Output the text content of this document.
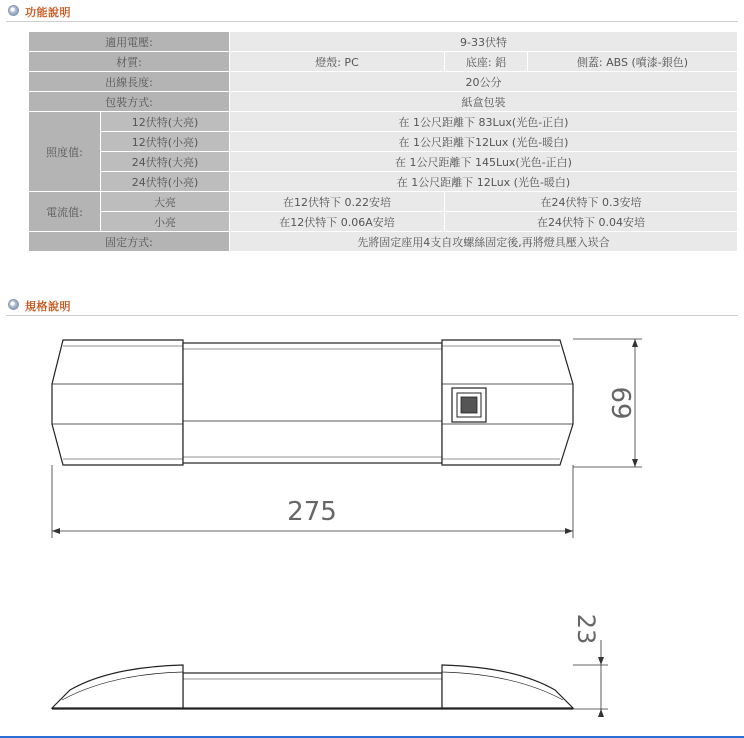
功能說明
適用電壓:		9-33伏特		
材質:		燈殼: PC	底座: 鋁	側蓋: ABS (噴漆-銀色)
出線長度:		20公分		
包裝方式:		紙盒包裝		
照度值:	12伏特(大亮)	在 1公尺距離下 83Lux(光色-正白)		
	12伏特(小亮)	在 1公尺距離下12Lux (光色-暖白)		
	24伏特(大亮)	在 1公尺距離下 145Lux(光色-正白)		
	24伏特(小亮)	在 1公尺距離下 12Lux (光色-暖白)		
電流值:	大亮	在12伏特下 0.22安培	在24伏特下 0.3安培	
	小亮	在12伏特下 0.06A安培	在24伏特下 0.04安培	
固定方式:		先將固定座用4支自攻螺絲固定後,再將燈具壓入崁合		
規格說明
69
275
23
